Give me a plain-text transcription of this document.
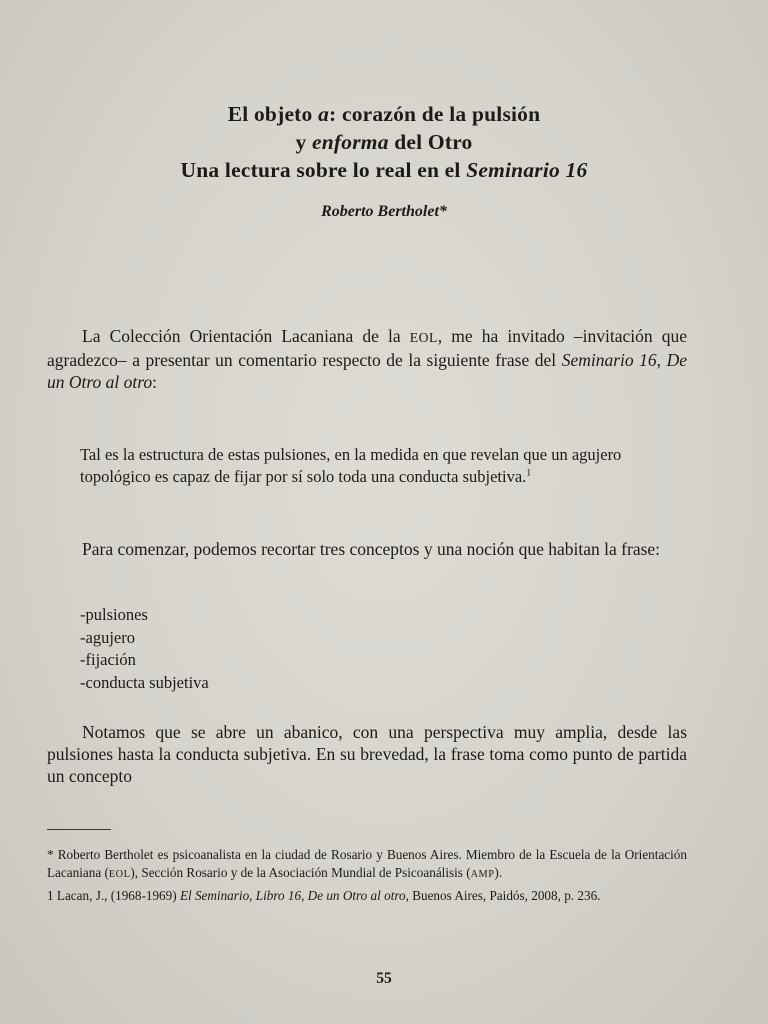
El objeto a: corazón de la pulsión
y enforma del Otro
Una lectura sobre lo real en el Seminario 16
Roberto Bertholet*
La Colección Orientación Lacaniana de la EOL, me ha invitado –invitación que agradezco– a presentar un comentario respecto de la siguiente frase del Seminario 16, De un Otro al otro:
Tal es la estructura de estas pulsiones, en la medida en que revelan que un agujero topológico es capaz de fijar por sí solo toda una conducta subjetiva.$^1$
Para comenzar, podemos recortar tres conceptos y una noción que habitan la frase:
-pulsiones
-agujero
-fijación
-conducta subjetiva
Notamos que se abre un abanico, con una perspectiva muy amplia, desde las pulsiones hasta la conducta subjetiva. En su brevedad, la frase toma como punto de partida un concepto

* Roberto Bertholet es psicoanalista en la ciudad de Rosario y Buenos Aires. Miembro de la Escuela de la Orientación Lacaniana (EOL), Sección Rosario y de la Asociación Mundial de Psicoanálisis (AMP).

1 Lacan, J., (1968-1969) El Seminario, Libro 16, De un Otro al otro, Buenos Aires, Paidós, 2008, p. 236.

55
